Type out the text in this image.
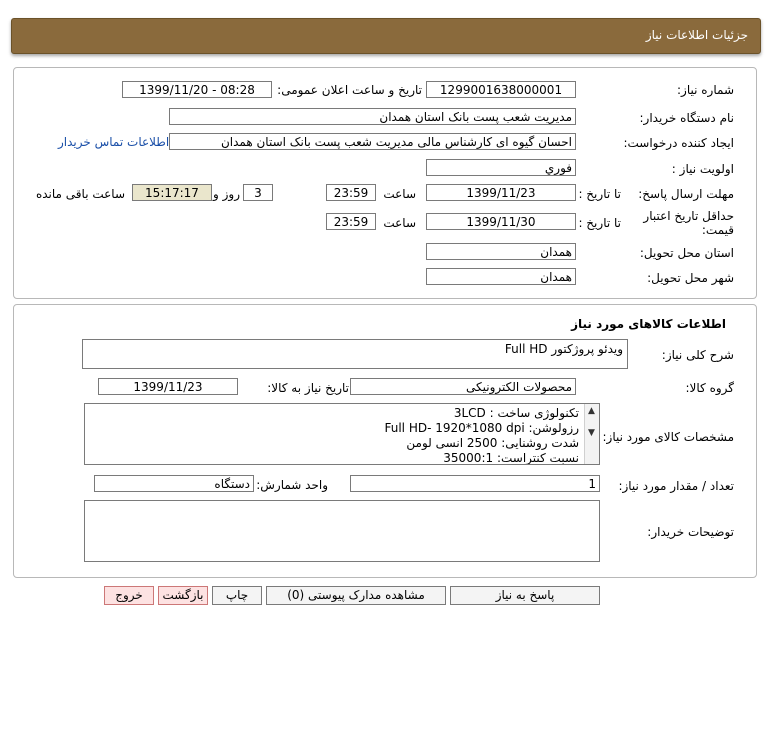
جزئیات اطلاعات نیاز
شماره نیاز:
1299001638000001
تاریخ و ساعت اعلان عمومی:
1399/11/20 - 08:28
نام دستگاه خریدار:
مدیریت شعب پست بانک استان همدان
ایجاد کننده درخواست:
احسان گیوه ای کارشناس مالی مدیریت شعب پست بانک استان همدان
اطلاعات تماس خریدار
اولویت نیاز :
فوري
مهلت ارسال پاسخ:
تا تاریخ :
1399/11/23
ساعت
23:59
3
روز و
15:17:17
ساعت باقی مانده
حداقل تاریخ اعتبار قیمت:
تا تاریخ :
1399/11/30
ساعت
23:59
استان محل تحویل:
همدان
شهر محل تحویل:
همدان
اطلاعات کالاهای مورد نیاز
شرح کلی نیاز:
ویدئو پروژکتور Full HD
گروه کالا:
محصولات الکترونیکی
تاریخ نیاز به کالا:
1399/11/23
مشخصات کالای مورد نیاز:
تکنولوژی ساخت : 3LCD
رزولوشن: Full HD- 1920*1080 dpi
شدت روشنایی: 2500 انسی لومن
نسبت کنتراست: 35000:1
▲
▼
تعداد / مقدار مورد نیاز:
1
واحد شمارش:
دستگاه
توضیحات خریدار:
پاسخ به نیاز
مشاهده مدارک پیوستی (0)
چاپ
بازگشت
خروج
